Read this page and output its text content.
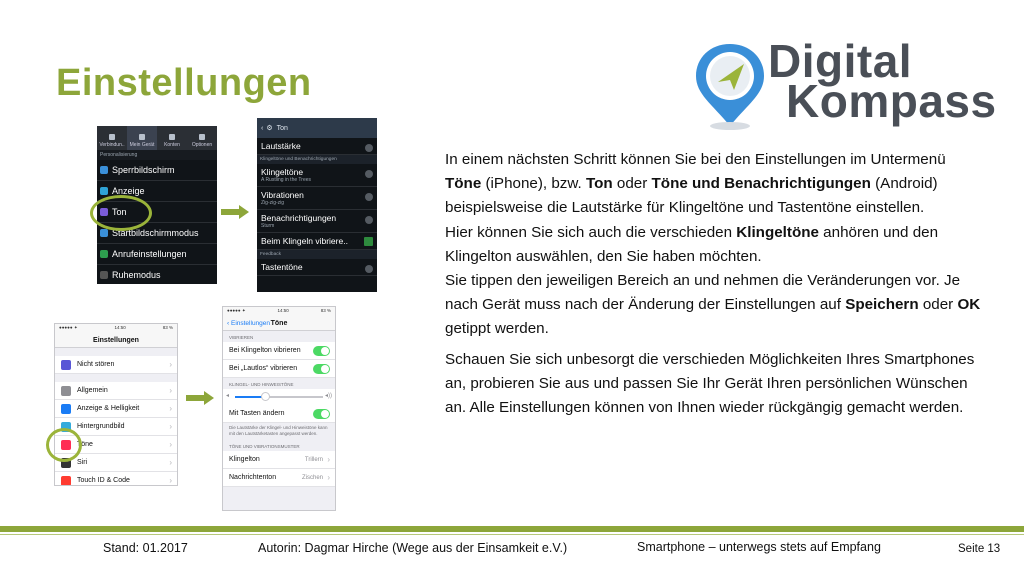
Einstellungen	Digital
Kompass
Verbindun.. Mein Gerät Konten Optionen
Personalisierung
Sperrbildschirm
Anzeige
Ton
Startbildschirmmodus
Anrufeinstellungen
Ruhemodus
‹ ⚙ Ton
Lautstärke
Klingeltöne und Benachrichtigungen
Klingeltöne
A Rustling in the Trees
Vibrationen
Zig-zig-zig
Benachrichtigungen
Sturm
Beim Klingeln vibriere..
Feedback
Tastentöne
●●●●● ✦	14:50	83 %
Einstellungen
Nicht stören	›
Allgemein	›
Anzeige & Helligkeit	›
Hintergrundbild	›
Töne	›
Siri	›
Touch ID & Code	›
●●●●● ✦	14:50	83 %
‹ Einstellungen Töne
VIBRIEREN
Bei Klingelton vibrieren
Bei „Lautlos“ vibrieren
KLINGEL- UND HINWEISTÖNE
◂	◂))
Mit Tasten ändern
Die Lautstärke der Klingel- und Hinweistöne kann mit den Lautstärketasten angepasst werden.
TÖNE UND VIBRATIONSMUSTER
Klingelton	Trillern ›
Nachrichtenton	Zischen ›

In einem nächsten Schritt können Sie bei den Einstellungen im Untermenü Töne (iPhone), bzw. Ton oder Töne und Benachrichtigungen (Android) beispielsweise die Lautstärke für Klingeltöne und Tastentöne einstellen.
Hier können Sie sich auch die verschieden Klingeltöne anhören und den Klingelton auswählen, den Sie haben möchten.
Sie tippen den jeweiligen Bereich an und nehmen die Veränderungen vor. Je nach Gerät muss nach der Änderung der Einstellungen auf Speichern oder OK getippt werden.

Schauen Sie sich unbesorgt die verschieden Möglichkeiten Ihres Smartphones an, probieren Sie aus und passen Sie Ihr Gerät Ihren persönlichen Wünschen an. Alle Einstellungen können von Ihnen wieder rückgängig gemacht werden.

Stand: 01.2017	Autorin: Dagmar Hirche (Wege aus der Einsamkeit e.V.)	Smartphone – unterwegs stets auf Empfang	Seite 13
